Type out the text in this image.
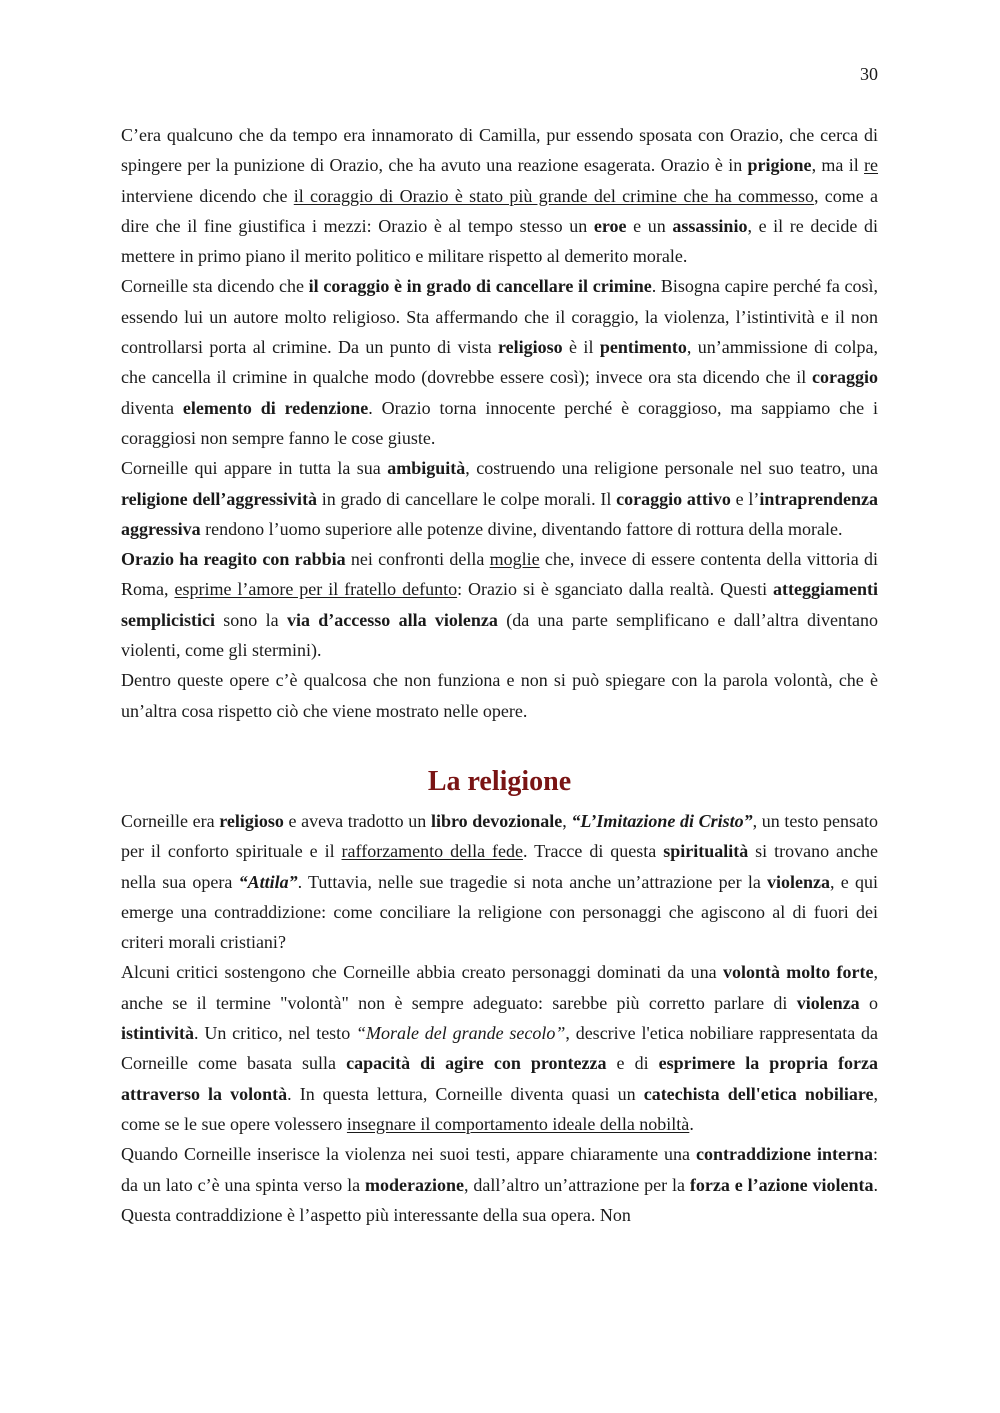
30

C’era qualcuno che da tempo era innamorato di Camilla, pur essendo sposata con Orazio, che cerca di spingere per la punizione di Orazio, che ha avuto una reazione esagerata. Orazio è in prigione, ma il re interviene dicendo che il coraggio di Orazio è stato più grande del crimine che ha commesso, come a dire che il fine giustifica i mezzi: Orazio è al tempo stesso un eroe e un assassinio, e il re decide di mettere in primo piano il merito politico e militare rispetto al demerito morale.

Corneille sta dicendo che il coraggio è in grado di cancellare il crimine. Bisogna capire perché fa così, essendo lui un autore molto religioso. Sta affermando che il coraggio, la violenza, l’istintività e il non controllarsi porta al crimine. Da un punto di vista religioso è il pentimento, un’ammissione di colpa, che cancella il crimine in qualche modo (dovrebbe essere così); invece ora sta dicendo che il coraggio diventa elemento di redenzione. Orazio torna innocente perché è coraggioso, ma sappiamo che i coraggiosi non sempre fanno le cose giuste.

Corneille qui appare in tutta la sua ambiguità, costruendo una religione personale nel suo teatro, una religione dell’aggressività in grado di cancellare le colpe morali. Il coraggio attivo e l’intraprendenza aggressiva rendono l’uomo superiore alle potenze divine, diventando fattore di rottura della morale.

Orazio ha reagito con rabbia nei confronti della moglie che, invece di essere contenta della vittoria di Roma, esprime l’amore per il fratello defunto: Orazio si è sganciato dalla realtà. Questi atteggiamenti semplicistici sono la via d’accesso alla violenza (da una parte semplificano e dall’altra diventano violenti, come gli stermini).

Dentro queste opere c’è qualcosa che non funziona e non si può spiegare con la parola volontà, che è un’altra cosa rispetto ciò che viene mostrato nelle opere.

La religione

Corneille era religioso e aveva tradotto un libro devozionale, “L’Imitazione di Cristo”, un testo pensato per il conforto spirituale e il rafforzamento della fede. Tracce di questa spiritualità si trovano anche nella sua opera “Attila”. Tuttavia, nelle sue tragedie si nota anche un’attrazione per la violenza, e qui emerge una contraddizione: come conciliare la religione con personaggi che agiscono al di fuori dei criteri morali cristiani?

Alcuni critici sostengono che Corneille abbia creato personaggi dominati da una volontà molto forte, anche se il termine "volontà" non è sempre adeguato: sarebbe più corretto parlare di violenza o istintività. Un critico, nel testo “Morale del grande secolo”, descrive l'etica nobiliare rappresentata da Corneille come basata sulla capacità di agire con prontezza e di esprimere la propria forza attraverso la volontà. In questa lettura, Corneille diventa quasi un catechista dell'etica nobiliare, come se le sue opere volessero insegnare il comportamento ideale della nobiltà.

Quando Corneille inserisce la violenza nei suoi testi, appare chiaramente una contraddizione interna: da un lato c’è una spinta verso la moderazione, dall’altro un’attrazione per la forza e l’azione violenta. Questa contraddizione è l’aspetto più interessante della sua opera. Non
